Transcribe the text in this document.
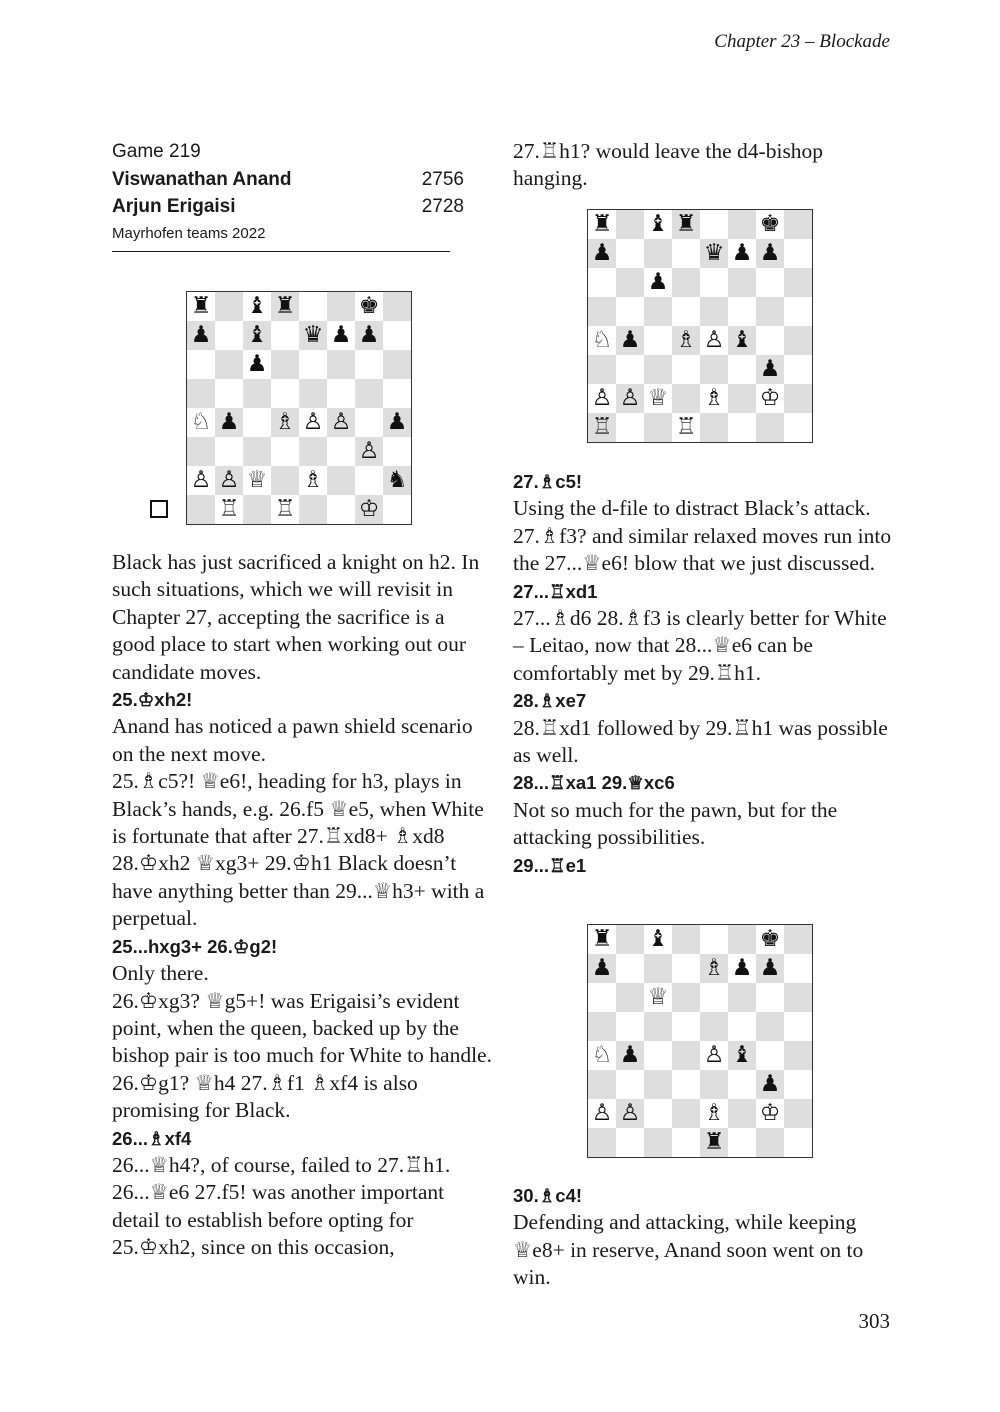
Chapter 23 – Blockade
Game 219
Viswanathan Anand	2756
Arjun Erigaisi	2728
Mayrhofen teams 2022

Black has just sacrificed a knight on h2. In such situations, which we will revisit in Chapter 27, accepting the sacrifice is a good place to start when working out our candidate moves.

25.♔xh2!

Anand has noticed a pawn shield scenario on the next move.

25.♗c5?! ♕e6!, heading for h3, plays in Black’s hands, e.g. 26.f5 ♕e5, when White is fortunate that after 27.♖xd8+ ♗xd8 28.♔xh2 ♕xg3+ 29.♔h1 Black doesn’t have anything better than 29...♕h3+ with a perpetual.

25...hxg3+ 26.♔g2!

Only there.

26.♔xg3? ♕g5+! was Erigaisi’s evident point, when the queen, backed up by the bishop pair is too much for White to handle.

26.♔g1? ♕h4 27.♗f1 ♗xf4 is also promising for Black.

26...♗xf4

26...♕h4?, of course, failed to 27.♖h1. 26...♕e6 27.f5! was another important detail to establish before opting for 25.♔xh2, since on this occasion,

27.♖h1? would leave the d4-bishop hanging.

27.♗c5!

Using the d-file to distract Black’s attack. 27.♗f3? and similar relaxed moves run into the 27...♕e6! blow that we just discussed.

27...♖xd1

27...♗d6 28.♗f3 is clearly better for White – Leitao, now that 28...♕e6 can be comfortably met by 29.♖h1.

28.♗xe7

28.♖xd1 followed by 29.♖h1 was possible as well.

28...♖xa1 29.♕xc6

Not so much for the pawn, but for the attacking possibilities.

29...♖e1

30.♗c4!

Defending and attacking, while keeping ♕e8+ in reserve, Anand soon went on to win.

♜ ♝ ♜	♚
♟ ♝ ♛ ♟ ♟
♟
♘ ♟ ♗ ♙ ♙ ♟
♙
♙ ♙ ♕ ♗	♞
♖ ♖	♔
♜ ♝ ♜	♚
♟	♛ ♟ ♟
♟
♘ ♟ ♗ ♙ ♝
♟
♙ ♙ ♕ ♗ ♔
♖	♖
♜ ♝	♚
♟	♗ ♟ ♟
♕
♘ ♟	♙ ♝
♟
♙ ♙	♗ ♔
♜
303
